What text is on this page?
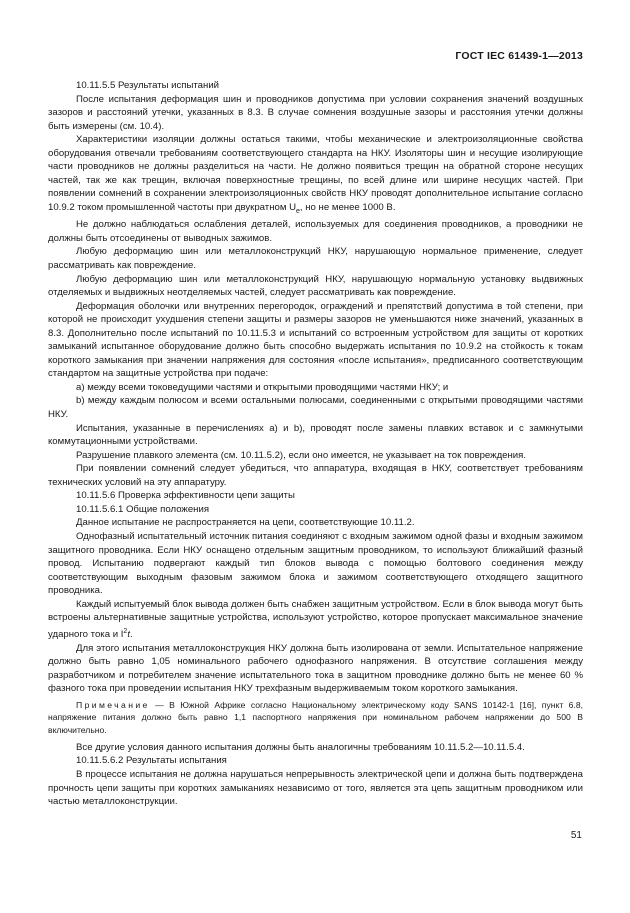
ГОСТ IEC 61439-1—2013

10.11.5.5 Результаты испытаний

После испытания деформация шин и проводников допустима при условии сохранения значений воздушных зазоров и расстояний утечки, указанных в 8.3. В случае сомнения воздушные зазоры и расстояния утечки должны быть измерены (см. 10.4).

Характеристики изоляции должны остаться такими, чтобы механические и электроизоляционные свойства оборудования отвечали требованиям соответствующего стандарта на НКУ. Изоляторы шин и несущие изолирующие части проводников не должны разделиться на части. Не должно появиться трещин на обратной стороне несущих частей, так же как трещин, включая поверхностные трещины, по всей длине или ширине несущих частей. При появлении сомнений в сохранении электроизоляционных свойств НКУ проводят дополнительное испытание согласно 10.9.2 током промышленной частоты при двукратном $U_e$, но не менее 1000 В.

Не должно наблюдаться ослабления деталей, используемых для соединения проводников, а проводники не должны быть отсоединены от выводных зажимов.

Любую деформацию шин или металлоконструкций НКУ, нарушающую нормальное применение, следует рассматривать как повреждение.

Любую деформацию шин или металлоконструкций НКУ, нарушающую нормальную установку выдвижных отделяемых и выдвижных неотделяемых частей, следует рассматривать как повреждение.

Деформация оболочки или внутренних перегородок, ограждений и препятствий допустима в той степени, при которой не происходит ухудшения степени защиты и размеры зазоров не уменьшаются ниже значений, указанных в 8.3. Дополнительно после испытаний по 10.11.5.3 и испытаний со встроенным устройством для защиты от коротких замыканий испытанное оборудование должно быть способно выдержать испытания по 10.9.2 на стойкость к токам короткого замыкания при значении напряжения для состояния «после испытания», предписанного соответствующим стандартом на защитные устройства при подаче:

a) между всеми токоведущими частями и открытыми проводящими частями НКУ; и

b) между каждым полюсом и всеми остальными полюсами, соединенными с открытыми проводящими частями НКУ.

Испытания, указанные в перечислениях a) и b), проводят после замены плавких вставок и с замкнутыми коммутационными устройствами.

Разрушение плавкого элемента (см. 10.11.5.2), если оно имеется, не указывает на ток повреждения.

При появлении сомнений следует убедиться, что аппаратура, входящая в НКУ, соответствует требованиям технических условий на эту аппаратуру.

10.11.5.6 Проверка эффективности цепи защиты

10.11.5.6.1 Общие положения

Данное испытание не распространяется на цепи, соответствующие 10.11.2.

Однофазный испытательный источник питания соединяют с входным зажимом одной фазы и входным зажимом защитного проводника. Если НКУ оснащено отдельным защитным проводником, то используют ближайший фазный провод. Испытанию подвергают каждый тип блоков вывода с помощью болтового соединения между соответствующим выходным фазовым зажимом блока и зажимом соответствующего отходящего защитного проводника.

Каждый испытуемый блок вывода должен быть снабжен защитным устройством. Если в блок вывода могут быть встроены альтернативные защитные устройства, используют устройство, которое пропускает максимальное значение ударного тока и $I^2t$.

Для этого испытания металлоконструкция НКУ должна быть изолирована от земли. Испытательное напряжение должно быть равно 1,05 номинального рабочего однофазного напряжения. В отсутствие соглашения между разработчиком и потребителем значение испытательного тока в защитном проводнике должно быть не менее 60 % фазного тока при проведении испытания НКУ трехфазным выдерживаемым током короткого замыкания.

Примечание — В Южной Африке согласно Национальному электрическому коду SANS 10142-1 [16], пункт 6.8, напряжение питания должно быть равно 1,1 паспортного напряжения при номинальном рабочем напряжении до 500 В включительно.

Все другие условия данного испытания должны быть аналогичны требованиям 10.11.5.2—10.11.5.4.

10.11.5.6.2 Результаты испытания

В процессе испытания не должна нарушаться непрерывность электрической цепи и должна быть подтверждена прочность цепи защиты при коротких замыканиях независимо от того, является эта цепь защитным проводником или частью металлоконструкции.

51
